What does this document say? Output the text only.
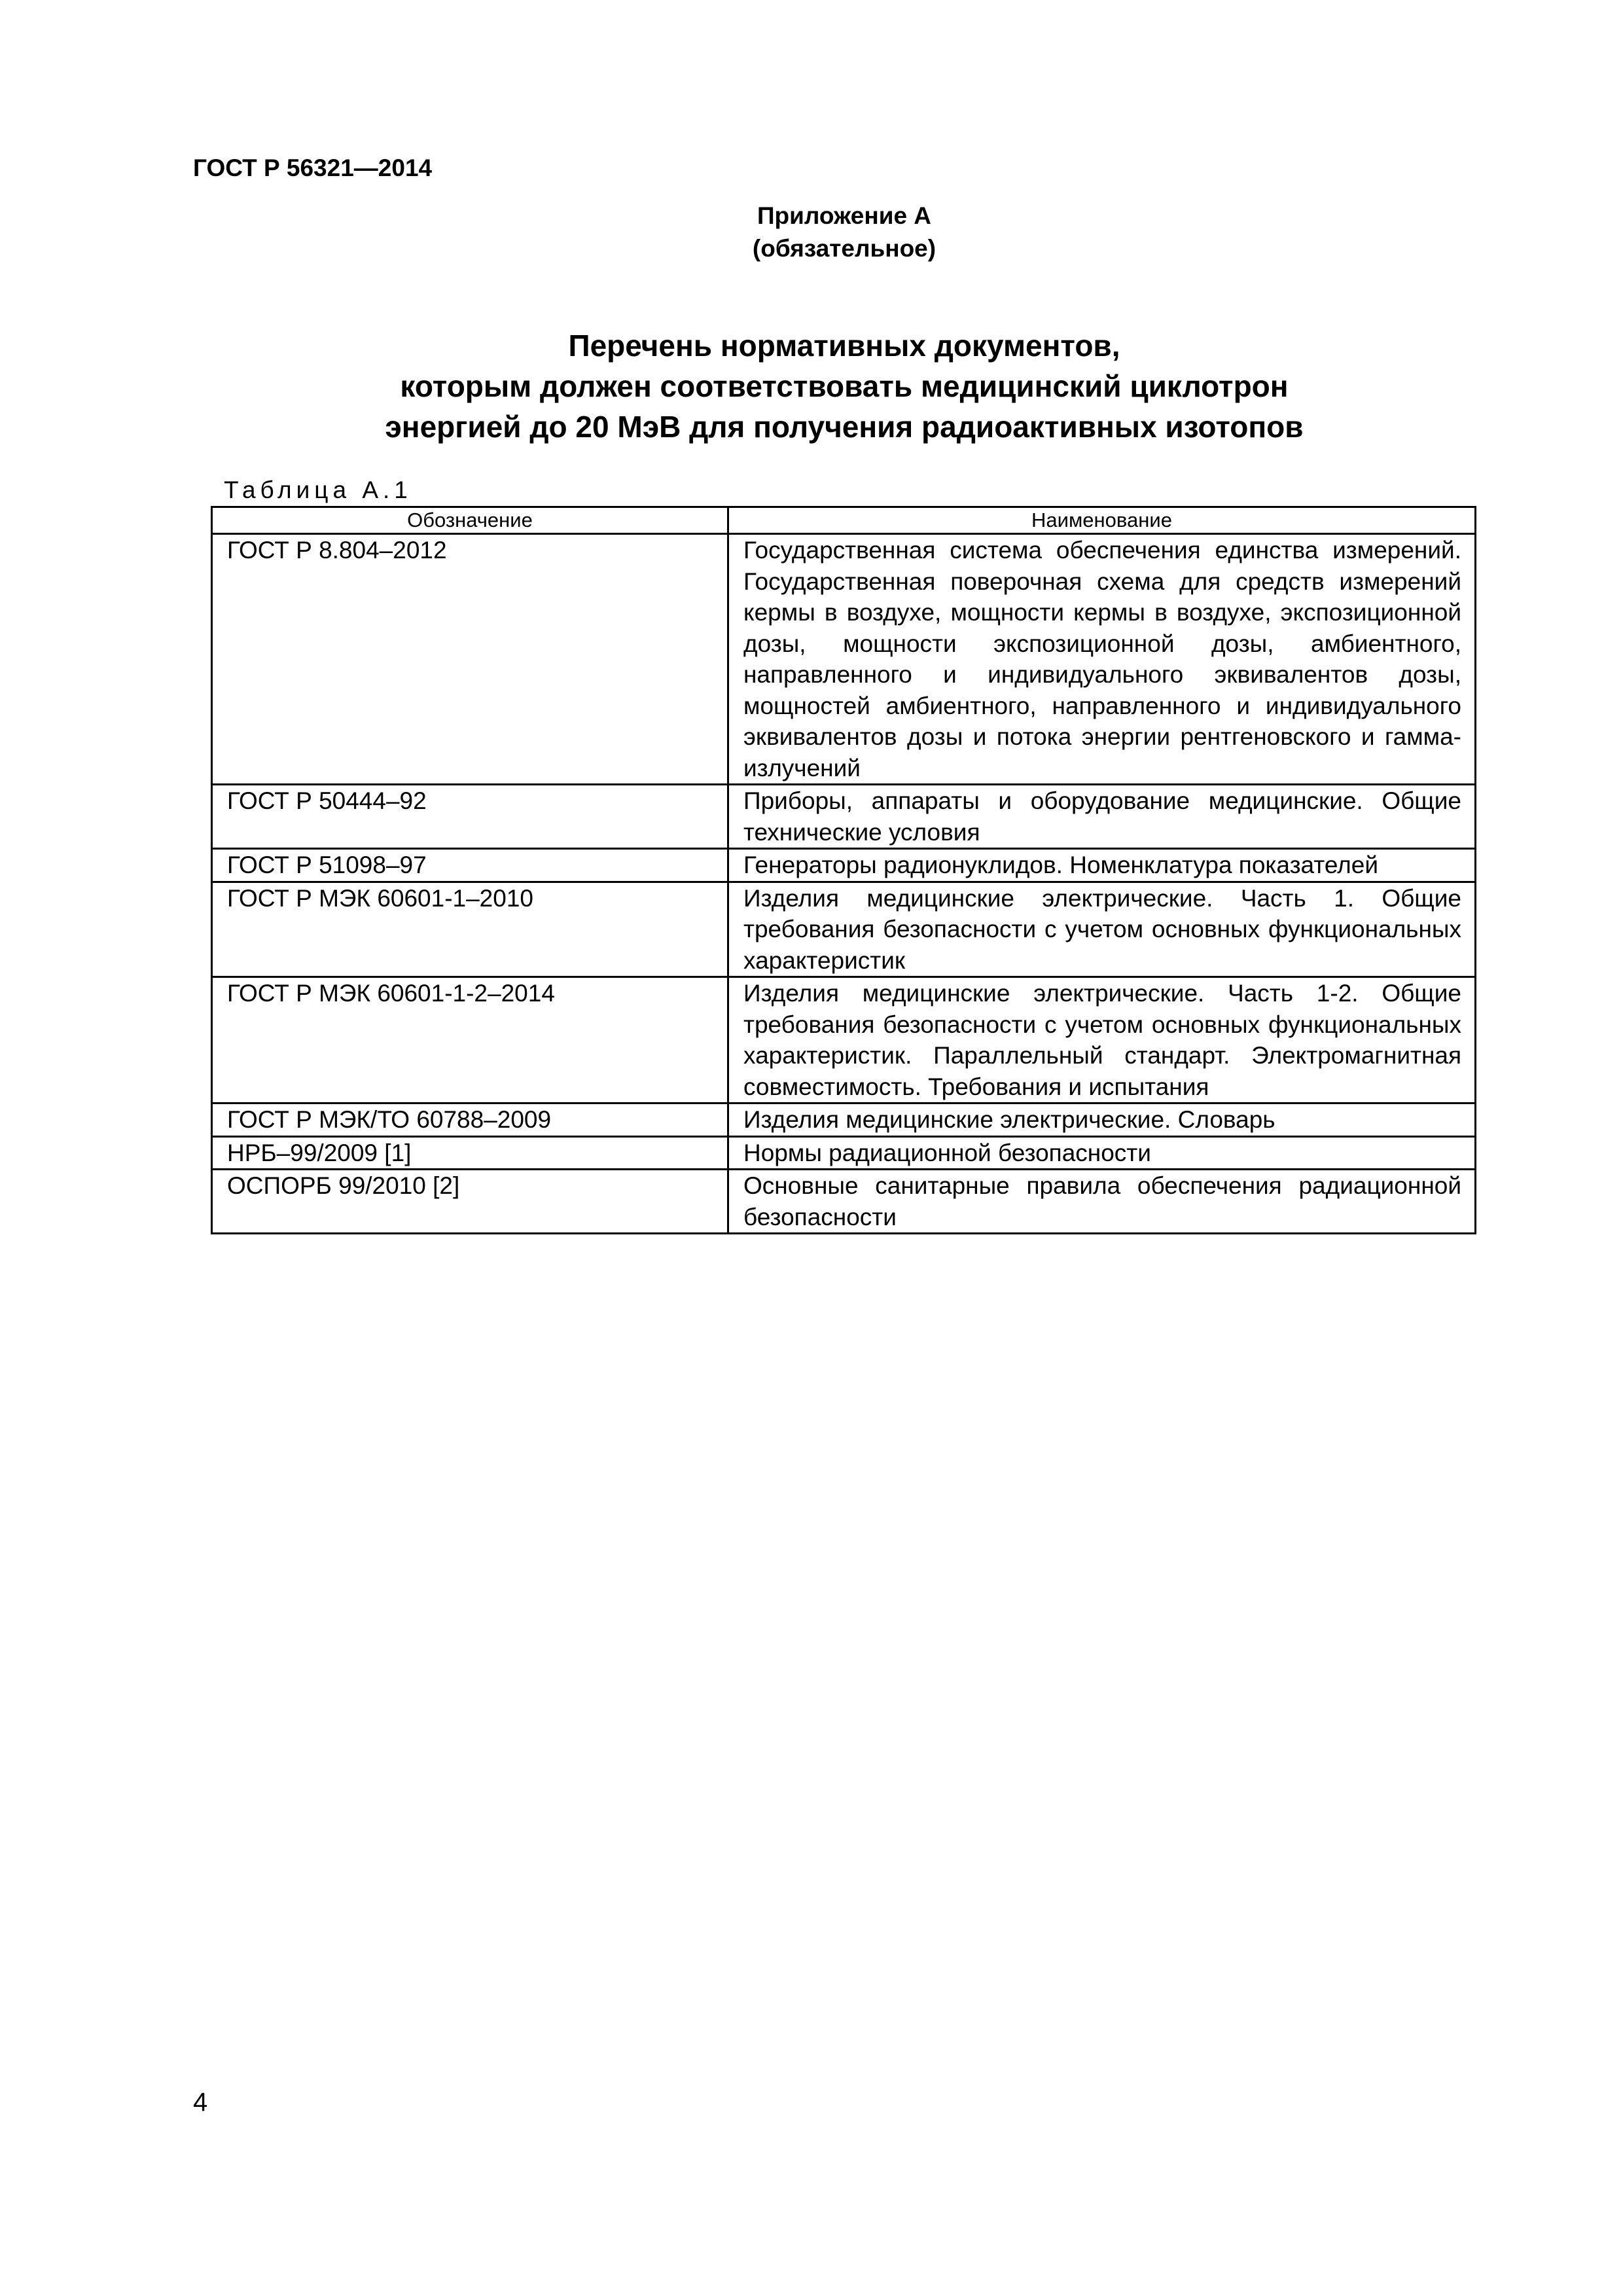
ГОСТ Р 56321—2014
Приложение А
(обязательное)
Перечень нормативных документов,
которым должен соответствовать медицинский циклотрон
энергией до 20 МэВ для получения радиоактивных изотопов
Таблица А.1
Обозначение	Наименование
ГОСТ Р 8.804–2012	Государственная система обеспечения единства измерений. Государственная поверочная схема для средств измерений кермы в воздухе, мощности кермы в воздухе, экспозиционной дозы, мощности экспозиционной дозы, амбиентного, направленного и индивидуального эквивалентов дозы, мощностей амбиентного, направленного и индивидуального эквивалентов дозы и потока энергии рентгеновского и гамма-излучений
ГОСТ Р 50444–92	Приборы, аппараты и оборудование медицинские. Общие технические условия
ГОСТ Р 51098–97	Генераторы радионуклидов. Номенклатура показателей
ГОСТ Р МЭК 60601-1–2010	Изделия медицинские электрические. Часть 1. Общие требования безопасности с учетом основных функциональных характеристик
ГОСТ Р МЭК 60601-1-2–2014	Изделия медицинские электрические. Часть 1-2. Общие требования безопасности с учетом основных функциональных характеристик. Параллельный стандарт. Электромагнитная совместимость. Требования и испытания
ГОСТ Р МЭК/ТО 60788–2009	Изделия медицинские электрические. Словарь
НРБ–99/2009 [1]	Нормы радиационной безопасности
ОСПОРБ 99/2010 [2]	Основные санитарные правила обеспечения радиационной безопасности
4
